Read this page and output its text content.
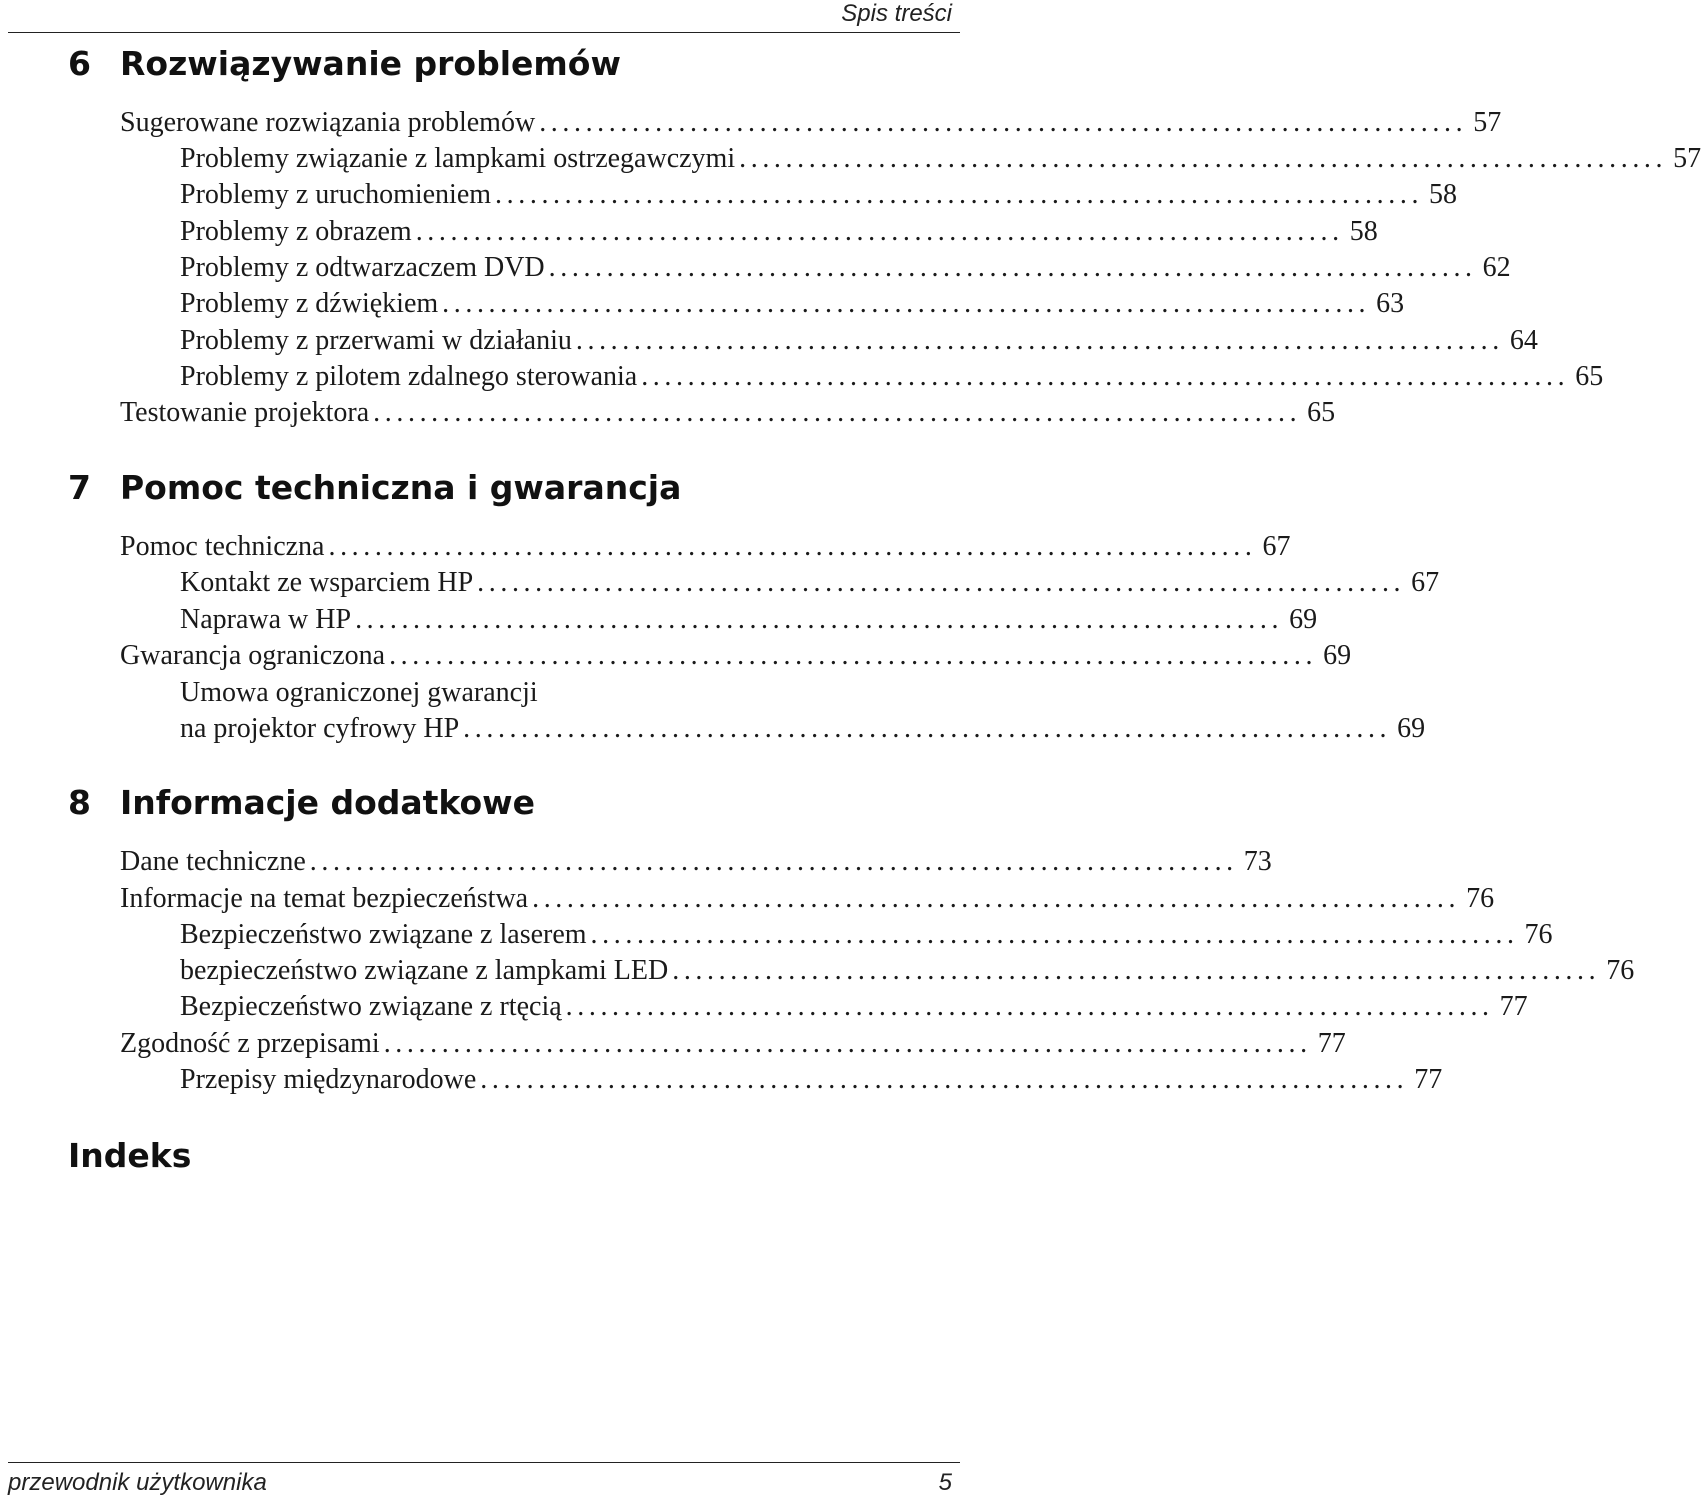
Spis treści
6 Rozwiązywanie problemów
Sugerowane rozwiązania problemów ................................................................................ 57
Problemy związanie z lampkami ostrzegawczymi ................................................................................ 57
Problemy z uruchomieniem ................................................................................ 58
Problemy z obrazem ................................................................................ 58
Problemy z odtwarzaczem DVD ................................................................................ 62
Problemy z dźwiękiem ................................................................................ 63
Problemy z przerwami w działaniu ................................................................................ 64
Problemy z pilotem zdalnego sterowania ................................................................................ 65
Testowanie projektora ................................................................................ 65
7 Pomoc techniczna i gwarancja
Pomoc techniczna ................................................................................ 67
Kontakt ze wsparciem HP ................................................................................ 67
Naprawa w HP ................................................................................ 69
Gwarancja ograniczona ................................................................................ 69
Umowa ograniczonej gwarancji
na projektor cyfrowy HP ................................................................................ 69
8 Informacje dodatkowe
Dane techniczne ................................................................................ 73
Informacje na temat bezpieczeństwa ................................................................................ 76
Bezpieczeństwo związane z laserem ................................................................................ 76
bezpieczeństwo związane z lampkami LED ................................................................................ 76
Bezpieczeństwo związane z rtęcią ................................................................................ 77
Zgodność z przepisami ................................................................................ 77
Przepisy międzynarodowe ................................................................................ 77
Indeks
przewodnik użytkownika	5
